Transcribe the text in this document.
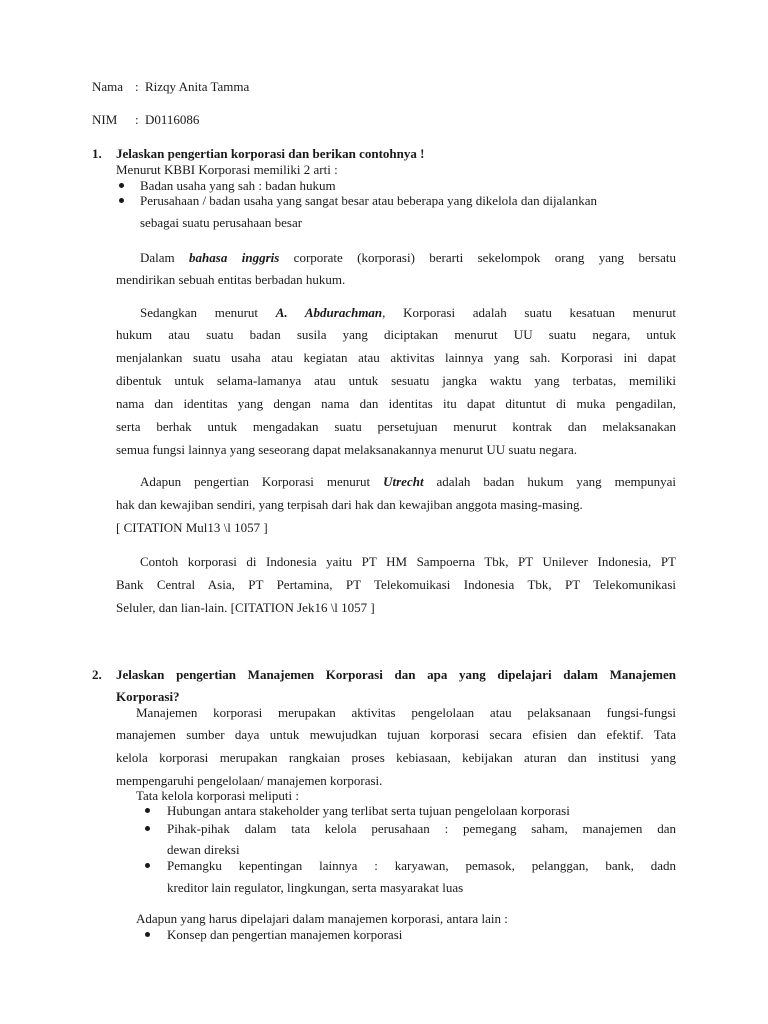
Nama : Rizqy Anita Tamma
NIM : D0116086
1. Jelaskan pengertian korporasi dan berikan contohnya !
Menurut KBBI Korporasi memiliki 2 arti :
Badan usaha yang sah : badan hukum
Perusahaan / badan usaha yang sangat besar atau beberapa yang dikelola dan dijalankan
sebagai suatu perusahaan besar
Dalam bahasa inggris corporate (korporasi) berarti sekelompok orang yang bersatu
mendirikan sebuah entitas berbadan hukum.
Sedangkan menurut A. Abdurachman, Korporasi adalah suatu kesatuan menurut
hukum atau suatu badan susila yang diciptakan menurut UU suatu negara, untuk
menjalankan suatu usaha atau kegiatan atau aktivitas lainnya yang sah. Korporasi ini dapat
dibentuk untuk selama-lamanya atau untuk sesuatu jangka waktu yang terbatas, memiliki
nama dan identitas yang dengan nama dan identitas itu dapat dituntut di muka pengadilan,
serta berhak untuk mengadakan suatu persetujuan menurut kontrak dan melaksanakan
semua fungsi lainnya yang seseorang dapat melaksanakannya menurut UU suatu negara.
Adapun pengertian Korporasi menurut Utrecht adalah badan hukum yang mempunyai
hak dan kewajiban sendiri, yang terpisah dari hak dan kewajiban anggota masing-masing.
[ CITATION Mul13 \l 1057 ]
Contoh korporasi di Indonesia yaitu PT HM Sampoerna Tbk, PT Unilever Indonesia, PT
Bank Central Asia, PT Pertamina, PT Telekomuikasi Indonesia Tbk, PT Telekomunikasi
Seluler, dan lian-lain. [CITATION Jek16 \l 1057 ]
2. Jelaskan pengertian Manajemen Korporasi dan apa yang dipelajari dalam Manajemen
Korporasi?
Manajemen korporasi merupakan aktivitas pengelolaan atau pelaksanaan fungsi-fungsi
manajemen sumber daya untuk mewujudkan tujuan korporasi secara efisien dan efektif. Tata
kelola korporasi merupakan rangkaian proses kebiasaan, kebijakan aturan dan institusi yang
mempengaruhi pengelolaan/ manajemen korporasi.
Tata kelola korporasi meliputi :
Hubungan antara stakeholder yang terlibat serta tujuan pengelolaan korporasi
Pihak-pihak dalam tata kelola perusahaan : pemegang saham, manajemen dan
dewan direksi
Pemangku kepentingan lainnya : karyawan, pemasok, pelanggan, bank, dadn
kreditor lain regulator, lingkungan, serta masyarakat luas
Adapun yang harus dipelajari dalam manajemen korporasi, antara lain :
Konsep dan pengertian manajemen korporasi
